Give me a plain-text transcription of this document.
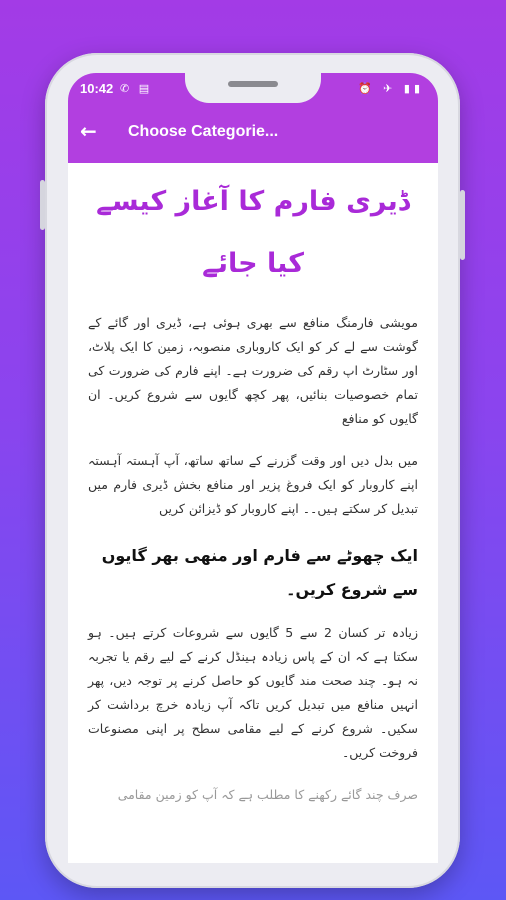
10:42 ✆ ▤	⏰ ✈ ▮▮
← Choose Categorie...
ڈیری فارم کا آغاز کیسے کیا جائے

مویشی فارمنگ منافع سے بھری ہوئی ہے، ڈیری اور گائے کے گوشت سے لے کر کو ایک کاروباری منصوبہ، زمین کا ایک پلاٹ، اور سٹارٹ اپ رقم کی ضرورت ہے۔ اپنے فارم کی ضرورت کی تمام خصوصیات بنائیں، پھر کچھ گایوں سے شروع کریں۔ ان گایوں کو منافع

میں بدل دیں اور وقت گزرنے کے ساتھ ساتھ، آپ آہستہ آہستہ اپنے کاروبار کو ایک فروغ پزیر اور منافع بخش ڈیری فارم میں تبدیل کر سکتے ہیں۔۔ اپنے کاروبار کو ڈیزائن کریں

ایک چھوٹے سے فارم اور منھی بھر گایوں سے شروع کریں۔

زیادہ تر کسان 2 سے 5 گایوں سے شروعات کرتے ہیں۔ ہو سکتا ہے کہ ان کے پاس زیادہ ہینڈل کرنے کے لیے رقم یا تجربہ نہ ہو۔ چند صحت مند گایوں کو حاصل کرنے پر توجہ دیں، پھر انہیں منافع میں تبدیل کریں تاکہ آپ زیادہ خرچ برداشت کر سکیں۔ شروع کرنے کے لیے مقامی سطح پر اپنی مصنوعات فروخت کریں۔

صرف چند گائے رکھنے کا مطلب ہے کہ آپ کو زمین مقامی
